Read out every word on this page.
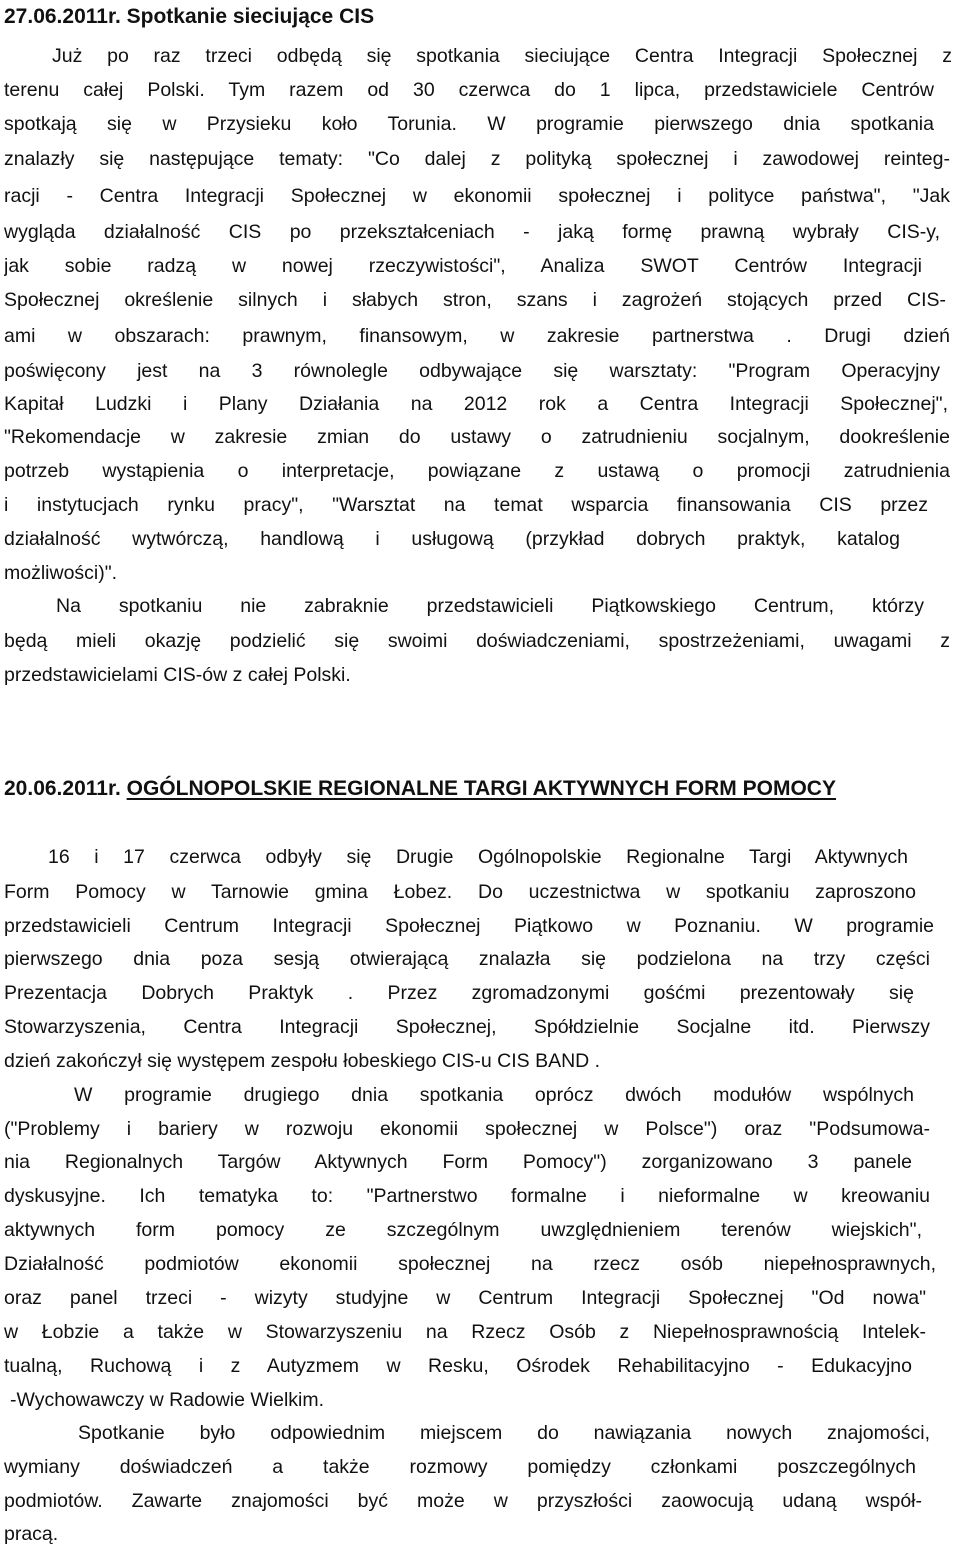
27.06.2011r. Spotkanie sieciujące CIS
Już po raz trzeci odbędą się spotkania sieciujące Centra Integracji Społecznej z
terenu całej Polski. Tym razem od 30 czerwca do 1 lipca, przedstawiciele Centrów
spotkają się w Przysieku koło Torunia. W programie pierwszego dnia spotkania
znalazły się następujące tematy: "Co dalej z polityką społecznej i zawodowej reinteg-
racji - Centra Integracji Społecznej w ekonomii społecznej i polityce państwa", "Jak
wygląda działalność CIS po przekształceniach - jaką formę prawną wybrały CIS-y,
jak sobie radzą w nowej rzeczywistości", Analiza SWOT Centrów Integracji
Społecznej określenie silnych i słabych stron, szans i zagrożeń stojących przed CIS-
ami w obszarach: prawnym, finansowym, w zakresie partnerstwa . Drugi dzień
poświęcony jest na 3 równolegle odbywające się warsztaty: "Program Operacyjny
Kapitał Ludzki i Plany Działania na 2012 rok a Centra Integracji Społecznej",
"Rekomendacje w zakresie zmian do ustawy o zatrudnieniu socjalnym, dookreślenie
potrzeb wystąpienia o interpretacje, powiązane z ustawą o promocji zatrudnienia
i instytucjach rynku pracy", "Warsztat na temat wsparcia finansowania CIS przez
działalność wytwórczą, handlową i usługową (przykład dobrych praktyk, katalog
możliwości)".
Na spotkaniu nie zabraknie przedstawicieli Piątkowskiego Centrum, którzy
będą mieli okazję podzielić się swoimi doświadczeniami, spostrzeżeniami, uwagami z
przedstawicielami CIS-ów z całej Polski.
20.06.2011r. OGÓLNOPOLSKIE REGIONALNE TARGI AKTYWNYCH FORM POMOCY
16 i 17 czerwca odbyły się Drugie Ogólnopolskie Regionalne Targi Aktywnych
Form Pomocy w Tarnowie gmina Łobez. Do uczestnictwa w spotkaniu zaproszono
przedstawicieli Centrum Integracji Społecznej Piątkowo w Poznaniu. W programie
pierwszego dnia poza sesją otwierającą znalazła się podzielona na trzy części
Prezentacja Dobrych Praktyk . Przez zgromadzonymi gośćmi prezentowały się
Stowarzyszenia, Centra Integracji Społecznej, Spółdzielnie Socjalne itd. Pierwszy
dzień zakończył się występem zespołu łobeskiego CIS-u CIS BAND .
W programie drugiego dnia spotkania oprócz dwóch modułów wspólnych
("Problemy i bariery w rozwoju ekonomii społecznej w Polsce") oraz "Podsumowa-
nia Regionalnych Targów Aktywnych Form Pomocy") zorganizowano 3 panele
dyskusyjne. Ich tematyka to: "Partnerstwo formalne i nieformalne w kreowaniu
aktywnych form pomocy ze szczególnym uwzględnieniem terenów wiejskich",
Działalność podmiotów ekonomii społecznej na rzecz osób niepełnosprawnych,
oraz panel trzeci - wizyty studyjne w Centrum Integracji Społecznej "Od nowa"
w Łobzie a także w Stowarzyszeniu na Rzecz Osób z Niepełnosprawnością Intelek-
tualną, Ruchową i z Autyzmem w Resku, Ośrodek Rehabilitacyjno - Edukacyjno
-Wychowawczy w Radowie Wielkim.
Spotkanie było odpowiednim miejscem do nawiązania nowych znajomości,
wymiany doświadczeń a także rozmowy pomiędzy członkami poszczególnych
podmiotów. Zawarte znajomości być może w przyszłości zaowocują udaną współ-
pracą.
